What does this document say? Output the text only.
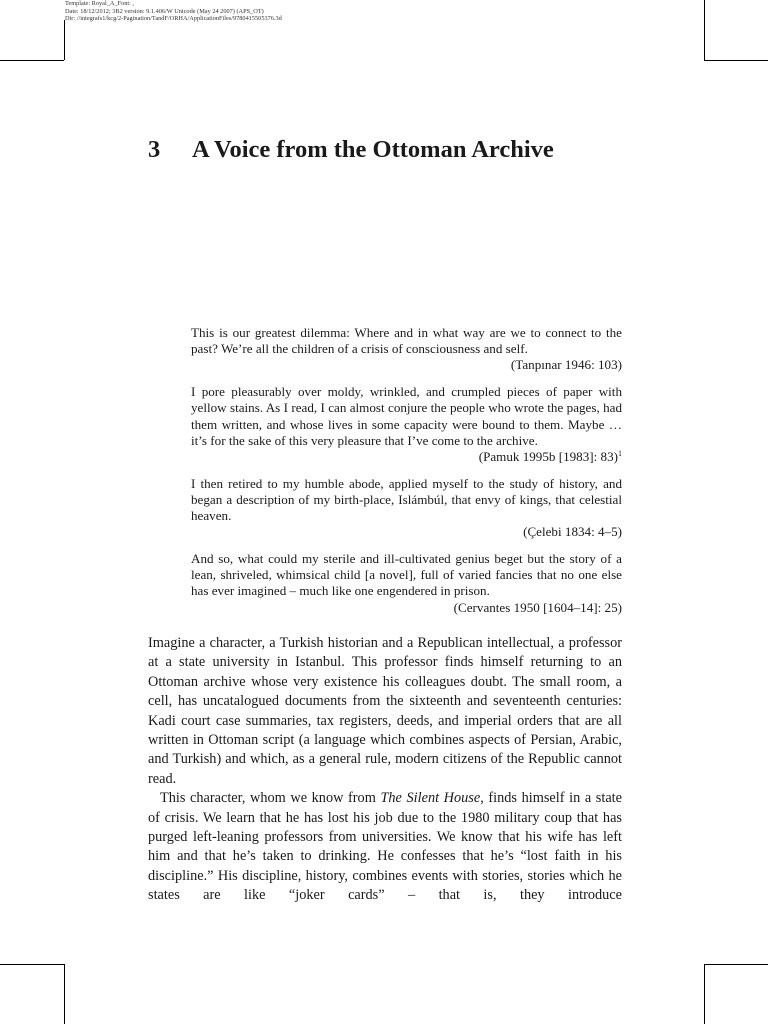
Template: Royal_A_Font: ,
Date: 18/12/2012; 3B2 version: 9.1.406/W Unicode (May 24 2007) (APS_OT)
Dir: //integrafs1/kcg/2-Pagination/TandF/ORHA/ApplicationFiles/9780415505376.3d
3 A Voice from the Ottoman Archive

This is our greatest dilemma: Where and in what way are we to connect to the past? We’re all the children of a crisis of consciousness and self.

(Tanpınar 1946: 103)

I pore pleasurably over moldy, wrinkled, and crumpled pieces of paper with yellow stains. As I read, I can almost conjure the people who wrote the pages, had them written, and whose lives in some capacity were bound to them. Maybe … it’s for the sake of this very pleasure that I’ve come to the archive.

(Pamuk 1995b [1983]: 83)$^1$

I then retired to my humble abode, applied myself to the study of history, and began a description of my birth-place, Islámbúl, that envy of kings, that celestial heaven.

(Çelebi 1834: 4–5)

And so, what could my sterile and ill-cultivated genius beget but the story of a lean, shriveled, whimsical child [a novel], full of varied fancies that no one else has ever imagined – much like one engendered in prison.

(Cervantes 1950 [1604–14]: 25)

Imagine a character, a Turkish historian and a Republican intellectual, a professor at a state university in Istanbul. This professor finds himself returning to an Ottoman archive whose very existence his colleagues doubt. The small room, a cell, has uncatalogued documents from the sixteenth and seventeenth centuries: Kadi court case summaries, tax registers, deeds, and imperial orders that are all written in Ottoman script (a language which combines aspects of Persian, Arabic, and Turkish) and which, as a general rule, modern citizens of the Republic cannot read.

This character, whom we know from The Silent House, finds himself in a state of crisis. We learn that he has lost his job due to the 1980 military coup that has purged left-leaning professors from universities. We know that his wife has left him and that he’s taken to drinking. He confesses that he’s “lost faith in his discipline.” His discipline, history, combines events with stories, stories which he states are like “joker cards” – that is, they introduce
